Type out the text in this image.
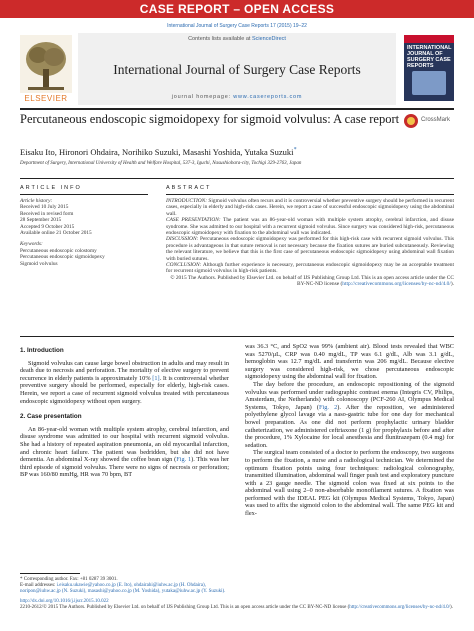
CASE REPORT – OPEN ACCESS
International Journal of Surgery Case Reports 17 (2015) 19–22
ELSEVIER
Contents lists available at ScienceDirect
International Journal of Surgery Case Reports
journal homepage: www.casereports.com
INTERNATIONAL JOURNAL OF SURGERY CASE REPORTS
Percutaneous endoscopic sigmoidopexy for sigmoid volvulus: A case report	CrossMark
Eisaku Ito, Hironori Ohdaira, Norihiko Suzuki, Masashi Yoshida, Yutaka Suzuki*
Department of Surgery, International University of Health and Welfare Hospital, 537-3, Iguchi, Nasushiobara-city, Tochigi 329-2763, Japan
ARTICLE INFO	ABSTRACT
Article history:
Received 10 July 2015
Received in revised form
28 September 2015
Accepted 9 October 2015
Available online 21 October 2015
Keywords:
Percutaneous endoscopic colostomy
Percutaneous endoscopic sigmoidopexy
Sigmoid volvulus
INTRODUCTION: Sigmoid volvulus often recurs and it is controversial whether preventive surgery should be performed in recurrent cases, especially in elderly and high-risk cases. Herein, we report a case of successful endoscopic sigmoidopexy using the abdominal wall.
CASE PRESENTATION: The patient was an 86-year-old woman with multiple system atrophy, cerebral infarction, and disuse syndrome. She was admitted to our hospital with a recurrent sigmoid volvulus. Since surgery was considered high-risk, percutaneous endoscopic sigmoidopexy with fixation to the abdominal wall was indicated.
DISCUSSION: Percutaneous endoscopic sigmoidopexy was performed for this high-risk case with recurrent sigmoid volvulus. This procedure is advantageous in that suture removal is not necessary because the fixation sutures are buried subcutaneously. Reviewing the relevant literature, we believe that this is the first case of percutaneous endoscopic sigmoidopexy using abdominal wall fixation with buried sutures.
CONCLUSION: Although further experience is necessary, percutaneous endoscopic sigmoidopexy may be an acceptable treatment for recurrent sigmoid volvulus in high-risk patients.
© 2015 The Authors. Published by Elsevier Ltd. on behalf of IJS Publishing Group Ltd. This is an open access article under the CC BY-NC-ND license (http://creativecommons.org/licenses/by-nc-nd/4.0/).
1. Introduction

Sigmoid volvulus can cause large bowel obstruction in adults and may result in death due to necrosis and perforation. The mortality of elective surgery to prevent recurrence in elderly patients is approximately 10% [1]. It is controversial whether preventive surgery should be performed, especially for elderly, high-risk cases. Herein, we report a case of recurrent sigmoid volvulus treated with percutaneous endoscopic sigmoidopexy without open surgery.

2. Case presentation

An 86-year-old woman with multiple system atrophy, cerebral infarction, and disuse syndrome was admitted to our hospital with recurrent sigmoid volvulus. She had a history of repeated aspiration pneumonia, an old myocardial infarction, and chronic heart failure. The patient was bedridden, but she did not have dementia. An abdominal X-ray showed the coffee bean sign (Fig. 1). This was her third episode of sigmoid volvulus. There were no signs of necrosis or perforation; BP was 160/80 mmHg, HR was 70 bpm, BT

was 36.3 °C, and SpO2 was 99% (ambient air). Blood tests revealed that WBC was 5270/μL, CRP was 0.40 mg/dL, TP was 6.1 g/dL, Alb was 3.1 g/dL, hemoglobin was 12.7 mg/dL and transferrin was 206 mg/dL. Because elective surgery was considered high-risk, we chose percutaneous endoscopic sigmoidopexy using the abdominal wall for fixation.

The day before the procedure, an endoscopic repositioning of the sigmoid volvulus was performed under radiographic contrast enema (Integris CV, Philips, Amsterdam, the Netherlands) with colonoscopy (PCF-260 AI, Olympus Medical Systems, Tokyo, Japan) (Fig. 2). After the reposition, we administered polyethylene glycol lavage via a naso-gastric tube for one day for mechanical bowel preparation. As one did not perform prophylactic urinary bladder catheterization, we administered ceftriaxone (1 g) for prophylaxis before and after the procedure, 1% Xylocaine for local anesthesia and flunitrazepam (0.4 mg) for sedation.

The surgical team consisted of a doctor to perform the endoscopy, two surgeons to perform the fixation, a nurse and a radiological technician. We determined the optimum fixation points using four techniques: radiological colonography, transmitted illumination, abdominal wall finger push test and exploratory puncture with a 23 gauge needle. The sigmoid colon was fixed at six points to the abdominal wall using 2–0 non-absorbable monofilament sutures. A fixation was performed with the IDEAL PEG kit (Olympus Medical Systems, Tokyo, Japan) was used to affix the sigmoid colon to the abdominal wall. The same PEG kit and flex-

* Corresponding author. Fax: +81 0287 39 3001.
E-mail addresses: i.eisaku.ukawie@yahoo.co.jp (E. Ito), ohdairahi@iuhw.ac.jp (H. Ohdaira), noripon@iuhw.ac.jp (N. Suzuki), masashi@yahoo.co.jp (M. Yoshida), yutaka@iuhw.ac.jp (Y. Suzuki).
http://dx.doi.org/10.1016/j.ijscr.2015.10.022
2210-2612/© 2015 The Authors. Published by Elsevier Ltd. on behalf of IJS Publishing Group Ltd. This is an open access article under the CC BY-NC-ND license (http://creativecommons.org/licenses/by-nc-nd/4.0/).
